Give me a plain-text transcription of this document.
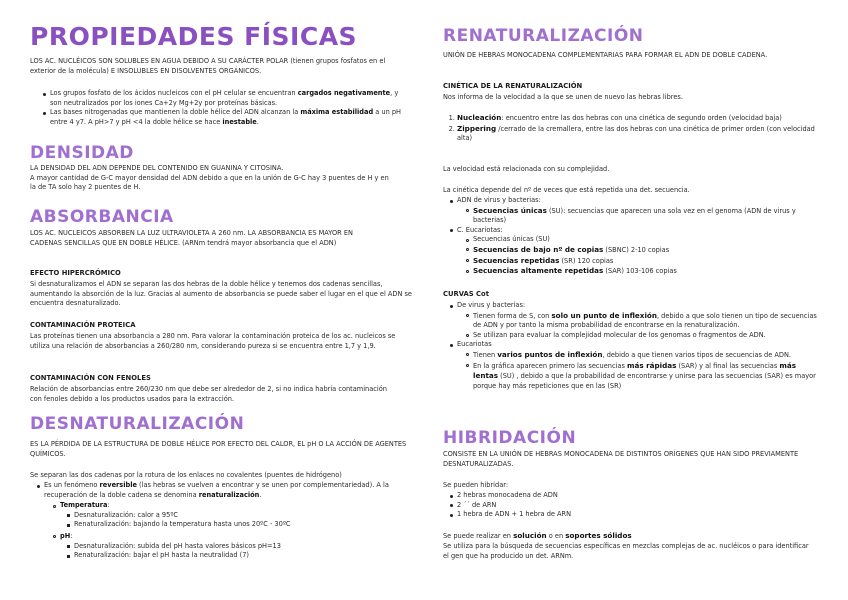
PROPIEDADES FÍSICAS
LOS AC. NUCLÉICOS SON SOLUBLES EN AGUA DEBIDO A SU CARÁCTER POLAR (tienen grupos fosfatos en el exterior de la molécula) E INSOLUBLES EN DISOLVENTES ORGÁNICOS.
Los grupos fosfato de los ácidos nucleicos con el pH celular se encuentran cargados negativamente, y son neutralizados por los iones Ca+2y Mg+2y por proteínas básicas.
Las bases nitrogenadas que mantienen la doble hélice del ADN alcanzan la máxima estabilidad a un pH entre 4 y7. A pH>7 y pH <4 la doble hélice se hace inestable.
DENSIDAD
LA DENSIDAD DEL ADN DEPENDE DEL CONTENIDO EN GUANINA Y CITOSINA.
A mayor cantidad de G-C mayor densidad del ADN debido a que en la unión de G-C hay 3 puentes de H y en la de TA solo hay 2 puentes de H.
ABSORBANCIA
LOS AC. NUCLEICOS ABSORBEN LA LUZ ULTRAVIOLETA A 260 nm. LA ABSORBANCIA ES MAYOR EN CADENAS SENCILLAS QUE EN DOBLE HÉLICE. (ARNm tendrá mayor absorbancia que el ADN)
EFECTO HIPERCRÓMICO
Si desnaturalizamos el ADN se separan las dos hebras de la doble hélice y tenemos dos cadenas sencillas, aumentando la absorción de la luz. Gracias al aumento de absorbancia se puede saber el lugar en el que el ADN se encuentra desnaturalizado.
CONTAMINACIÓN PROTEICA
Las proteínas tienen una absorbancia a 280 nm. Para valorar la contaminación proteica de los ac. nucleicos se utiliza una relación de absorbancias a 260/280 nm, considerando pureza si se encuentra entre 1,7 y 1,9.
CONTAMINACIÓN CON FENOLES
Relación de absorbancias entre 260/230 nm que debe ser alrededor de 2, si no indica habría contaminación con fenoles debido a los productos usados para la extracción.
DESNATURALIZACIÓN
ES LA PÉRDIDA DE LA ESTRUCTURA DE DOBLE HÉLICE POR EFECTO DEL CALOR, EL pH O LA ACCIÓN DE AGENTES QUÍMICOS.
Se separan las dos cadenas por la rotura de los enlaces no covalentes (puentes de hidrógeno)
Es un fenómeno reversible (las hebras se vuelven a encontrar y se unen por complementariedad). A la recuperación de la doble cadena se denomina renaturalización.
Temperatura:
Desnaturalización: calor a 95ºC
Renaturalización: bajando la temperatura hasta unos 20ºC - 30ºC
pH:
Desnaturalización: subida del pH hasta valores básicos pH=13
Renaturalización: bajar el pH hasta la neutralidad (7)
RENATURALIZACIÓN
UNIÓN DE HEBRAS MONOCADENA COMPLEMENTARIAS PARA FORMAR EL ADN DE DOBLE CADENA.
CINÉTICA DE LA RENATURALIZACIÓN
Nos informa de la velocidad a la que se unen de nuevo las hebras libres.
1. Nucleación: encuentro entre las dos hebras con una cinética de segundo orden (velocidad baja)
2. Zippering /cerrado de la cremallera, entre las dos hebras con una cinética de primer orden (con velocidad alta)
La velocidad está relacionada con su complejidad.
La cinética depende del nº de veces que está repetida una det. secuencia.
ADN de virus y bacterias:
Secuencias únicas (SU): secuencias que aparecen una sola vez en el genoma (ADN de virus y bacterias)
C. Eucariotas:
Secuencias únicas (SU)
Secuencias de bajo nº de copias (SBNC) 2-10 copias
Secuencias repetidas (SR) 120 copias
Secuencias altamente repetidas (SAR) 103-106 copias
CURVAS Cot
De virus y bacterias:
Tienen forma de S, con solo un punto de inflexión, debido a que solo tienen un tipo de secuencias de ADN y por tanto la misma probabilidad de encontrarse en la renaturalización.
Se utilizan para evaluar la complejidad molecular de los genomas o fragmentos de ADN.
Eucariotas
Tienen varios puntos de inflexión, debido a que tienen varios tipos de secuencias de ADN.
En la gráfica aparecen primero las secuencias más rápidas (SAR) y al final las secuencias más lentas (SU) , debido a que la probabilidad de encontrarse y unirse para las secuencias (SAR) es mayor porque hay más repeticiones que en las (SR)
HIBRIDACIÓN
CONSISTE EN LA UNIÓN DE HEBRAS MONOCADENA DE DISTINTOS ORÍGENES QUE HAN SIDO PREVIAMENTE DESNATURALIZADAS.
Se pueden hibridar:
2 hebras monocadena de ADN
2 ´´ de ARN
1 hebra de ADN + 1 hebra de ARN
Se puede realizar en solución o en soportes sólidos
Se utiliza para la búsqueda de secuencias específicas en mezclas complejas de ac. nucléicos o para identificar el gen que ha producido un det. ARNm.
